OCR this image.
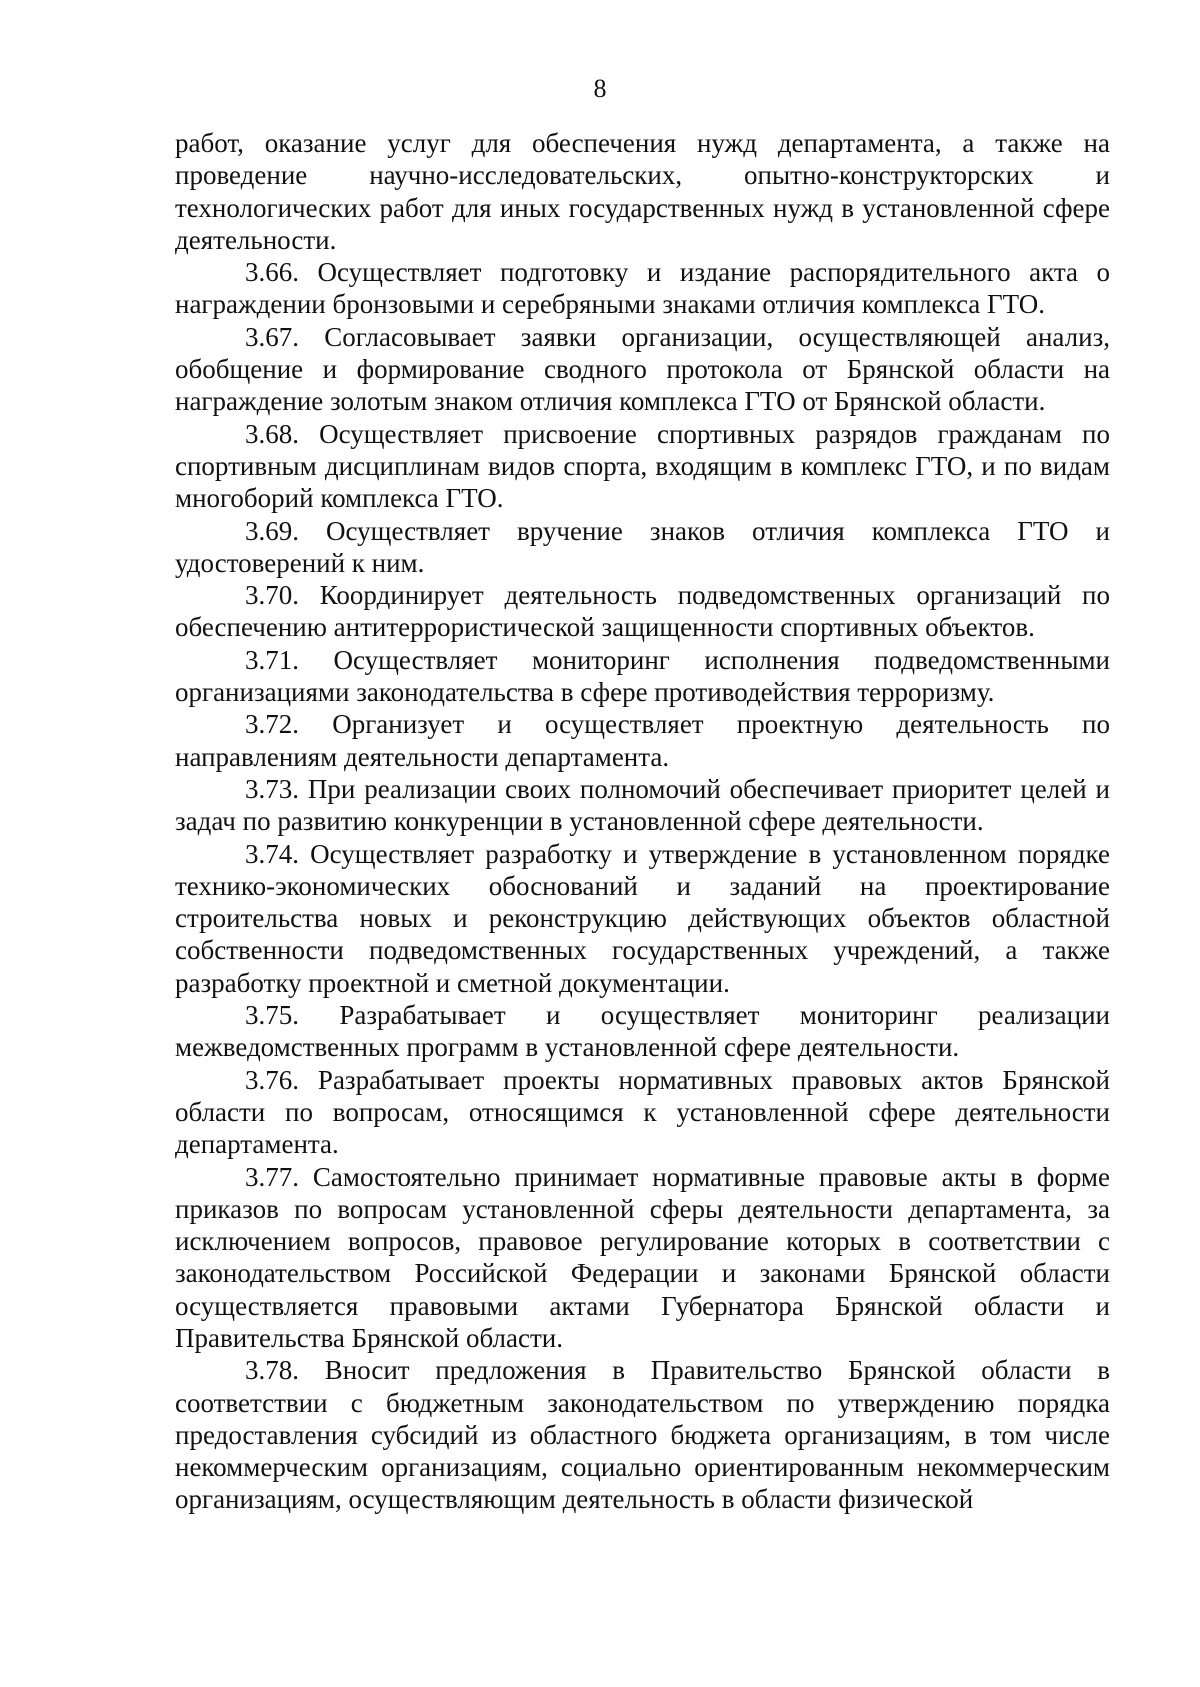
8

работ, оказание услуг для обеспечения нужд департамента, а также на проведение научно-исследовательских, опытно-конструкторских и технологических работ для иных государственных нужд в установленной сфере деятельности.

3.66. Осуществляет подготовку и издание распорядительного акта о награждении бронзовыми и серебряными знаками отличия комплекса ГТО.

3.67. Согласовывает заявки организации, осуществляющей анализ, обобщение и формирование сводного протокола от Брянской области на награждение золотым знаком отличия комплекса ГТО от Брянской области.

3.68. Осуществляет присвоение спортивных разрядов гражданам по спортивным дисциплинам видов спорта, входящим в комплекс ГТО, и по видам многоборий комплекса ГТО.

3.69. Осуществляет вручение знаков отличия комплекса ГТО и удостоверений к ним.

3.70. Координирует деятельность подведомственных организаций по обеспечению антитеррористической защищенности спортивных объектов.

3.71. Осуществляет мониторинг исполнения подведомственными организациями законодательства в сфере противодействия терроризму.

3.72. Организует и осуществляет проектную деятельность по направлениям деятельности департамента.

3.73. При реализации своих полномочий обеспечивает приоритет целей и задач по развитию конкуренции в установленной сфере деятельности.

3.74. Осуществляет разработку и утверждение в установленном порядке технико-экономических обоснований и заданий на проектирование строительства новых и реконструкцию действующих объектов областной собственности подведомственных государственных учреждений, а также разработку проектной и сметной документации.

3.75. Разрабатывает и осуществляет мониторинг реализации межведомственных программ в установленной сфере деятельности.

3.76. Разрабатывает проекты нормативных правовых актов Брянской области по вопросам, относящимся к установленной сфере деятельности департамента.

3.77. Самостоятельно принимает нормативные правовые акты в форме приказов по вопросам установленной сферы деятельности департамента, за исключением вопросов, правовое регулирование которых в соответствии с законодательством Российской Федерации и законами Брянской области осуществляется правовыми актами Губернатора Брянской области и Правительства Брянской области.

3.78. Вносит предложения в Правительство Брянской области в соответствии с бюджетным законодательством по утверждению порядка предоставления субсидий из областного бюджета организациям, в том числе некоммерческим организациям, социально ориентированным некоммерческим организациям, осуществляющим деятельность в области физической
